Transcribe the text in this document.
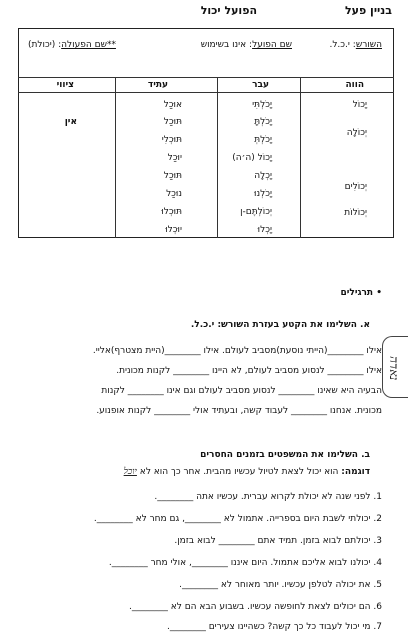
בניין פעל
הפועל יכול
השורש: י.כ.ל.
שם הפועל: אינו בשימוש
**שם הפעולה: (יכולת)
הווה
עבר
עתיד
ציווי
יָכוֹל
יְכוֹלָה
יְכוֹלִים
יְכוֹלוֹת
יָכֹלְתִּי
יָכֹלְתָּ
יָכֹלְתְּ
יָכוֹל (ה׳ה)
יָכְלָה
יָכֹלְנוּ
יְכוֹלְתֶּם-ן
יָכְלוּ
אוּכַל
תּוּכַל
תּוּכְלִי
יוּכַל
תּוּכַל
נוּכַל
תּוּכְלוּ
יוּכְלוּ
אין
• תרגילים
א. השלימו את הקטע בעזרת השורש: י.כ.ל.
אילו ________(הייתי נוסעת)מסביב לעולם. אילו ________(היית מצטרף)אליי.
אילו ________ לנסוע מסביב לעולם, לא היינו ________ לקנות מכונית.
הבעיה היא שאינו ________ לנסוע מסביב לעולם וגם אינו ________ לקנות
מכונית. אנחנו ________ לעבוד קשה, ובעתיד אולי ________ לקנות אופנוע.
נאדה
ב. השלימו את המשפטים בזמנים החסרים
דוגמה: הוא יכול לצאת לטיול עכשיו מהבית. אחר כך הוא לא יוכל
1. לפני שנה לא יכולת לקרוא עברית. עכשיו אתה ________.
2. יכולתי לשבת היום בספרייה. אתמול לא ________, גם מחר לא ________.
3. יכולתם לבוא בזמן. תמיד אתם ________ לבוא בזמן.
4. יכולנו לבוא אליכם אתמול. היום איננו ________, אולי מחר ________.
5. את יכולה לטלפן עכשיו. יותר מאוחר לא ________.
6. הם יכולים לצאת לחופשה עכשיו. בשבוע הבא הם לא ________.
7. מי יכול לעבוד כל כך קשה? כשהיינו צעירים ________.
